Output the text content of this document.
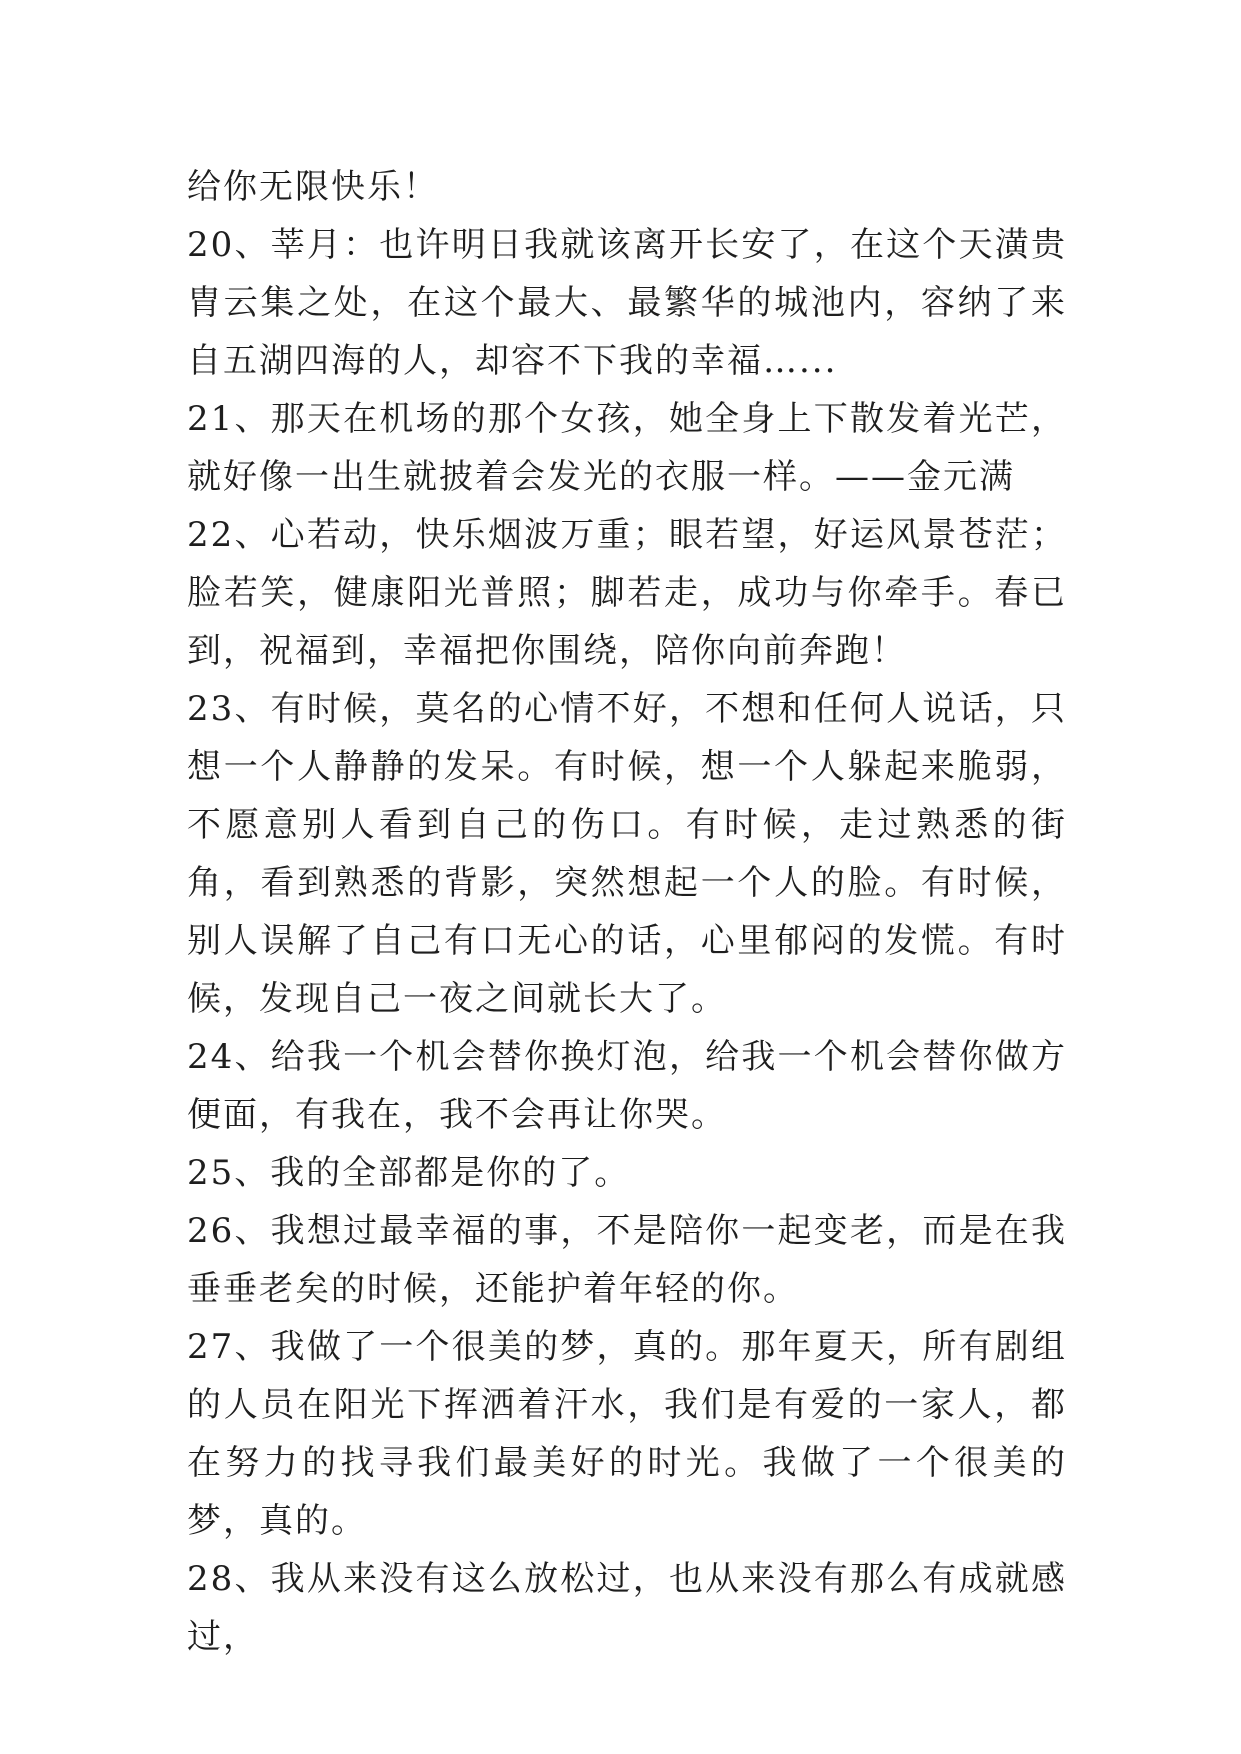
给你无限快乐！

20、莘月：也许明日我就该离开长安了，在这个天潢贵胄云集之处，在这个最大、最繁华的城池内，容纳了来自五湖四海的人，却容不下我的幸福…...

21、那天在机场的那个女孩，她全身上下散发着光芒，就好像一出生就披着会发光的衣服一样。——金元满

22、心若动，快乐烟波万重；眼若望，好运风景苍茫；脸若笑，健康阳光普照；脚若走，成功与你牵手。春已到，祝福到，幸福把你围绕，陪你向前奔跑！

23、有时候，莫名的心情不好，不想和任何人说话，只想一个人静静的发呆。有时候，想一个人躲起来脆弱，不愿意别人看到自己的伤口。有时候，走过熟悉的街角，看到熟悉的背影，突然想起一个人的脸。有时候，别人误解了自己有口无心的话，心里郁闷的发慌。有时候，发现自己一夜之间就长大了。

24、给我一个机会替你换灯泡，给我一个机会替你做方便面，有我在，我不会再让你哭。

25、我的全部都是你的了。

26、我想过最幸福的事，不是陪你一起变老，而是在我垂垂老矣的时候，还能护着年轻的你。

27、我做了一个很美的梦，真的。那年夏天，所有剧组的人员在阳光下挥洒着汗水，我们是有爱的一家人，都在努力的找寻我们最美好的时光。我做了一个很美的梦，真的。

28、我从来没有这么放松过，也从来没有那么有成就感过，
